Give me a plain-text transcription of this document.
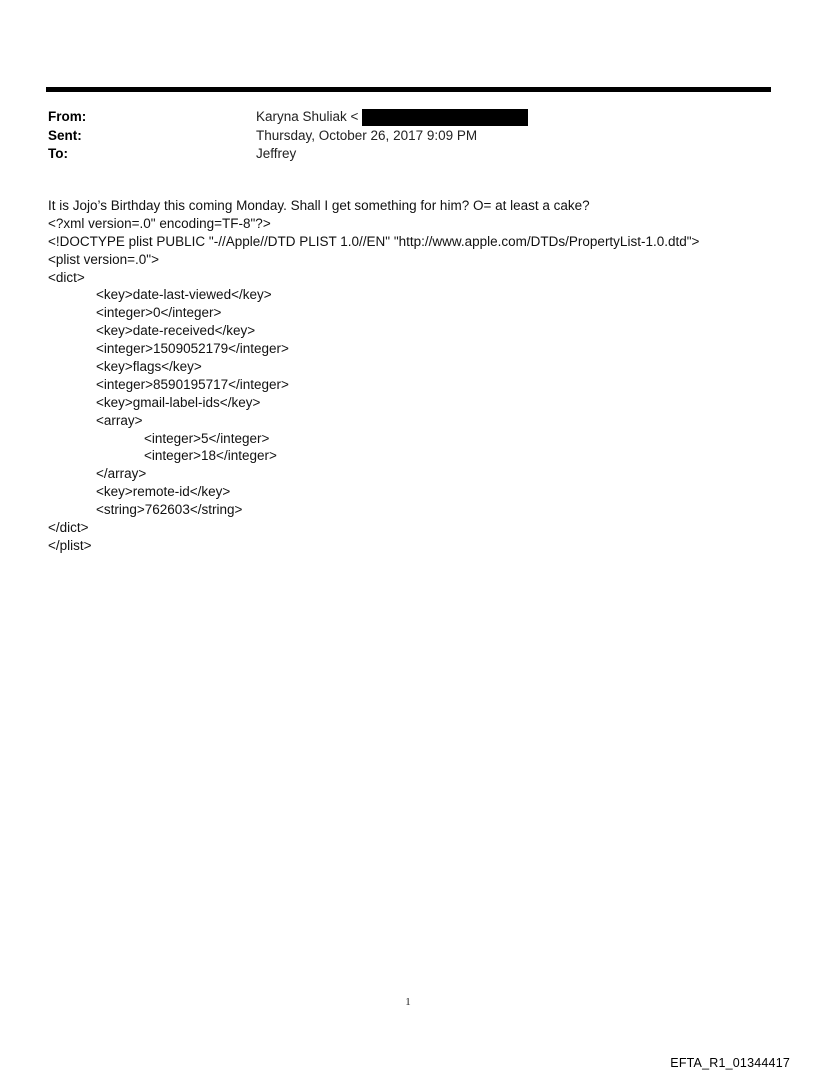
From:	Karyna Shuliak <
Sent:	Thursday, October 26, 2017 9:09 PM
To:	Jeffrey
It is Jojo’s Birthday this coming Monday. Shall I get something for him? O= at least a cake?
<?xml version=.0" encoding=TF-8"?>
<!DOCTYPE plist PUBLIC "-//Apple//DTD PLIST 1.0//EN" "http://www.apple.com/DTDs/PropertyList-1.0.dtd">
<plist version=.0">
<dict>
<key>date-last-viewed</key>
<integer>0</integer>
<key>date-received</key>
<integer>1509052179</integer>
<key>flags</key>
<integer>8590195717</integer>
<key>gmail-label-ids</key>
<array>
<integer>5</integer>
<integer>18</integer>
</array>
<key>remote-id</key>
<string>762603</string>
</dict>
</plist>
1
EFTA_R1_01344417
